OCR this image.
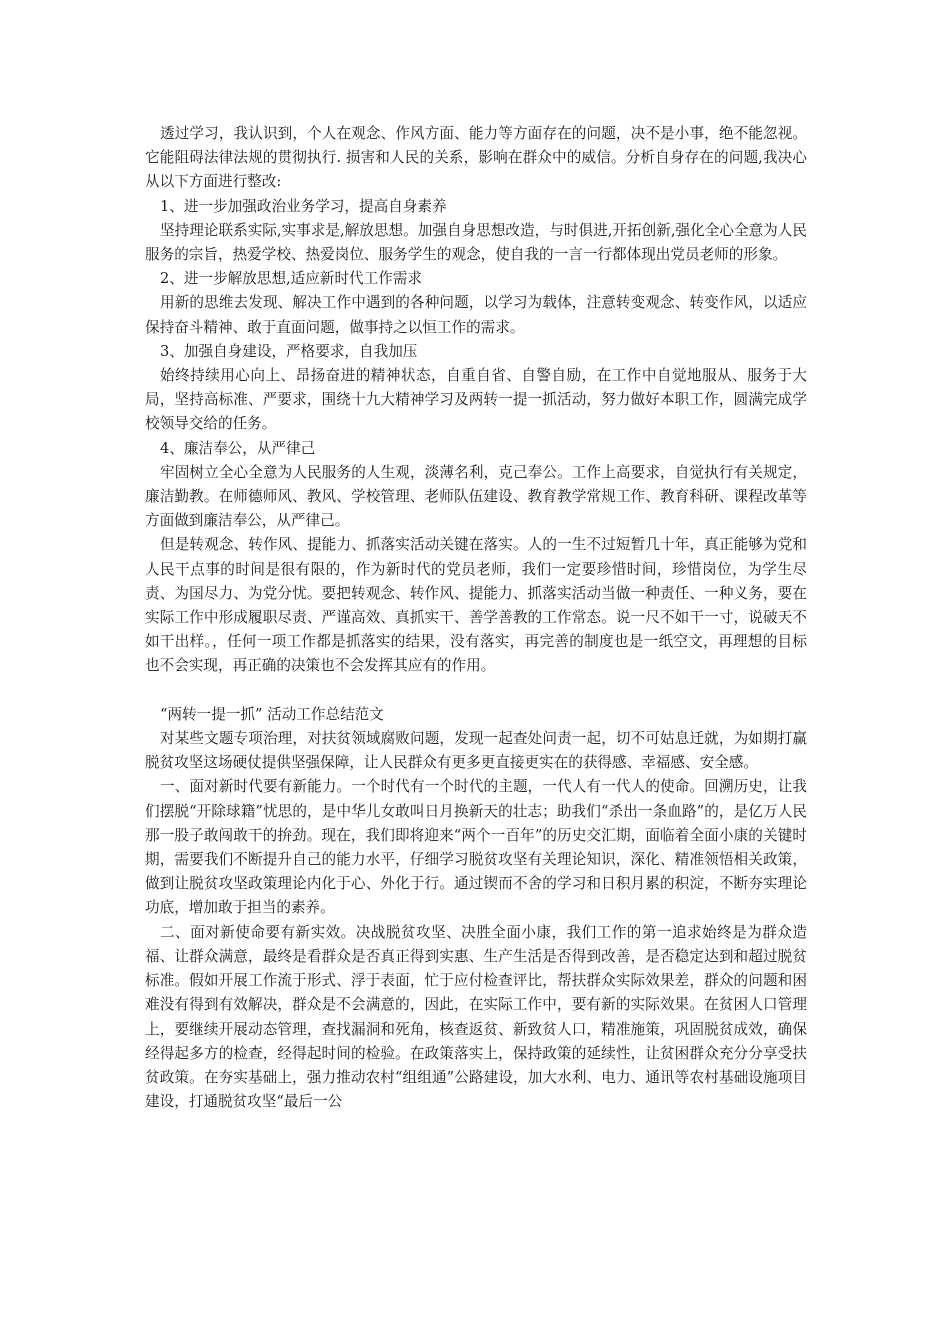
透过学习，我认识到，个人在观念、作风方面、能力等方面存在的问题，决不是小事，绝不能忽视。它能阻碍法律法规的贯彻执行. 损害和人民的关系，影响在群众中的威信。分析自身存在的问题,我决心从以下方面进行整改:

1、进一步加强政治业务学习，提高自身素养

坚持理论联系实际,实事求是,解放思想。加强自身思想改造，与时俱进,开拓创新,强化全心全意为人民服务的宗旨，热爱学校、热爱岗位、服务学生的观念，使自我的一言一行都体现出党员老师的形象。

2、进一步解放思想,适应新时代工作需求

用新的思维去发现、解决工作中遇到的各种问题，以学习为载体，注意转变观念、转变作风，以适应保持奋斗精神、敢于直面问题，做事持之以恒工作的需求。

3、加强自身建设，严格要求，自我加压

始终持续用心向上、昂扬奋进的精神状态，自重自省、自警自励，在工作中自觉地服从、服务于大局，坚持高标准、严要求，围绕十九大精神学习及两转一提一抓活动，努力做好本职工作，圆满完成学校领导交给的任务。

4、廉洁奉公，从严律己

牢固树立全心全意为人民服务的人生观，淡薄名利，克己奉公。工作上高要求，自觉执行有关规定，廉洁勤教。在师德师风、教风、学校管理、老师队伍建设、教育教学常规工作、教育科研、课程改革等方面做到廉洁奉公，从严律己。

但是转观念、转作风、提能力、抓落实活动关键在落实。人的一生不过短暂几十年，真正能够为党和人民干点事的时间是很有限的，作为新时代的党员老师，我们一定要珍惜时间，珍惜岗位，为学生尽责、为国尽力、为党分忧。要把转观念、转作风、提能力、抓落实活动当做一种责任、一种义务，要在实际工作中形成履职尽责、严谨高效、真抓实干、善学善教的工作常态。说一尺不如干一寸，说破天不如干出样。，任何一项工作都是抓落实的结果，没有落实，再完善的制度也是一纸空文，再理想的目标也不会实现，再正确的决策也不会发挥其应有的作用。

“两转一提一抓” 活动工作总结范文

对某些文题专项治理，对扶贫领域腐败问题，发现一起查处问责一起，切不可姑息迁就，为如期打赢脱贫攻坚这场硬仗提供坚强保障，让人民群众有更多更直接更实在的获得感、幸福感、安全感。

一、面对新时代要有新能力。一个时代有一个时代的主题，一代人有一代人的使命。回溯历史，让我们摆脱“开除球籍”忧思的，是中华儿女敢叫日月换新天的壮志；助我们“杀出一条血路”的，是亿万人民那一股子敢闯敢干的拚劲。现在，我们即将迎来“两个一百年”的历史交汇期，面临着全面小康的关键时期，需要我们不断提升自己的能力水平，仔细学习脱贫攻坚有关理论知识，深化、精准领悟相关政策，做到让脱贫攻坚政策理论内化于心、外化于行。通过锲而不舍的学习和日积月累的积淀，不断夯实理论功底，增加敢于担当的素养。

二、面对新使命要有新实效。决战脱贫攻坚、决胜全面小康，我们工作的第一追求始终是为群众造福、让群众满意，最终是看群众是否真正得到实惠、生产生活是否得到改善，是否稳定达到和超过脱贫标准。假如开展工作流于形式、浮于表面，忙于应付检查评比，帮扶群众实际效果差，群众的问题和困难没有得到有效解决，群众是不会满意的，因此，在实际工作中，要有新的实际效果。在贫困人口管理上，要继续开展动态管理，查找漏洞和死角，核查返贫、新致贫人口，精准施策，巩固脱贫成效，确保经得起多方的检查，经得起时间的检验。在政策落实上，保持政策的延续性，让贫困群众充分分享受扶贫政策。在夯实基础上，强力推动农村“组组通”公路建设，加大水利、电力、通讯等农村基础设施项目建设，打通脱贫攻坚“最后一公
